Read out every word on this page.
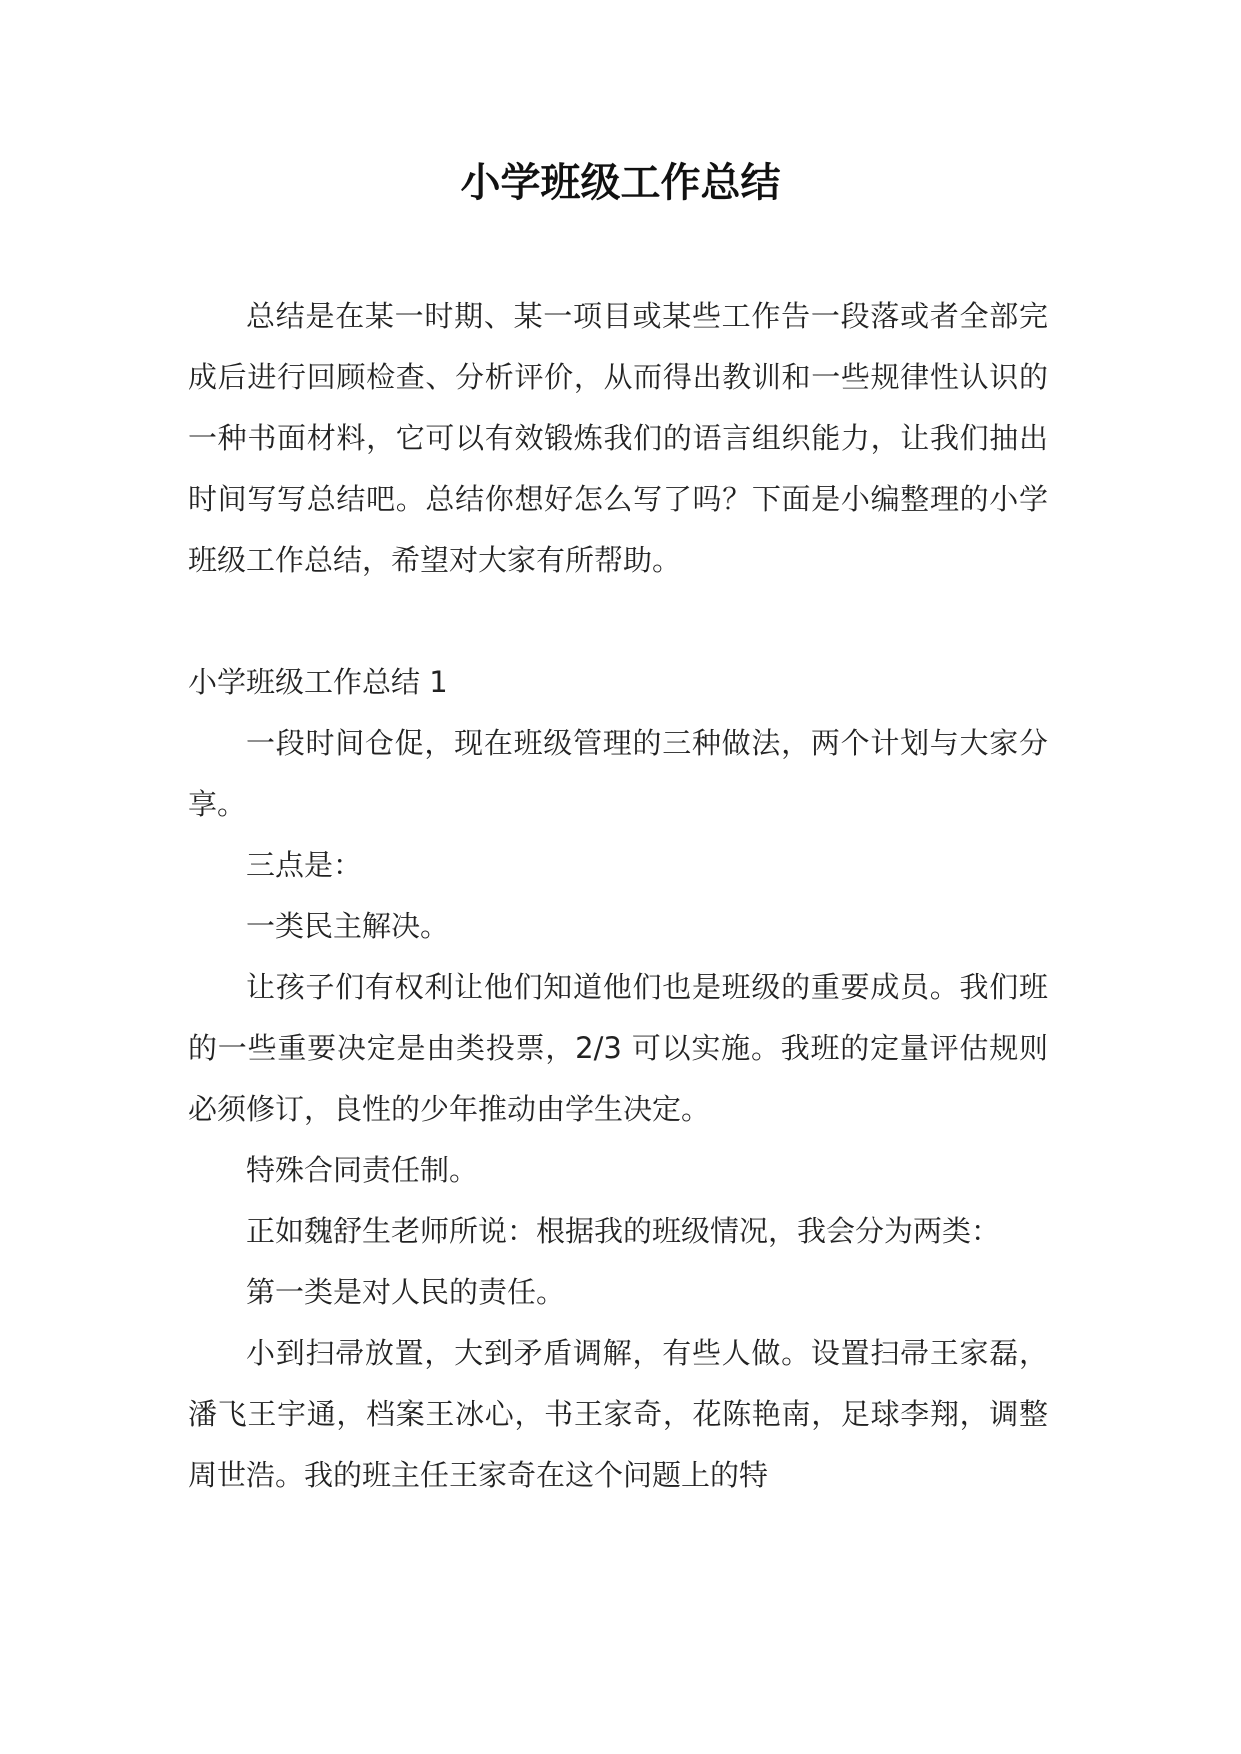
小学班级工作总结

总结是在某一时期、某一项目或某些工作告一段落或者全部完成后进行回顾检查、分析评价，从而得出教训和一些规律性认识的一种书面材料，它可以有效锻炼我们的语言组织能力，让我们抽出时间写写总结吧。总结你想好怎么写了吗？下面是小编整理的小学班级工作总结，希望对大家有所帮助。

小学班级工作总结 1

一段时间仓促，现在班级管理的三种做法，两个计划与大家分享。

三点是：

一类民主解决。

让孩子们有权利让他们知道他们也是班级的重要成员。我们班的一些重要决定是由类投票，2/3 可以实施。我班的定量评估规则必须修订，良性的少年推动由学生决定。

特殊合同责任制。

正如魏舒生老师所说：根据我的班级情况，我会分为两类：

第一类是对人民的责任。

小到扫帚放置，大到矛盾调解，有些人做。设置扫帚王家磊，潘飞王宇通，档案王冰心，书王家奇，花陈艳南，足球李翔，调整周世浩。我的班主任王家奇在这个问题上的特
